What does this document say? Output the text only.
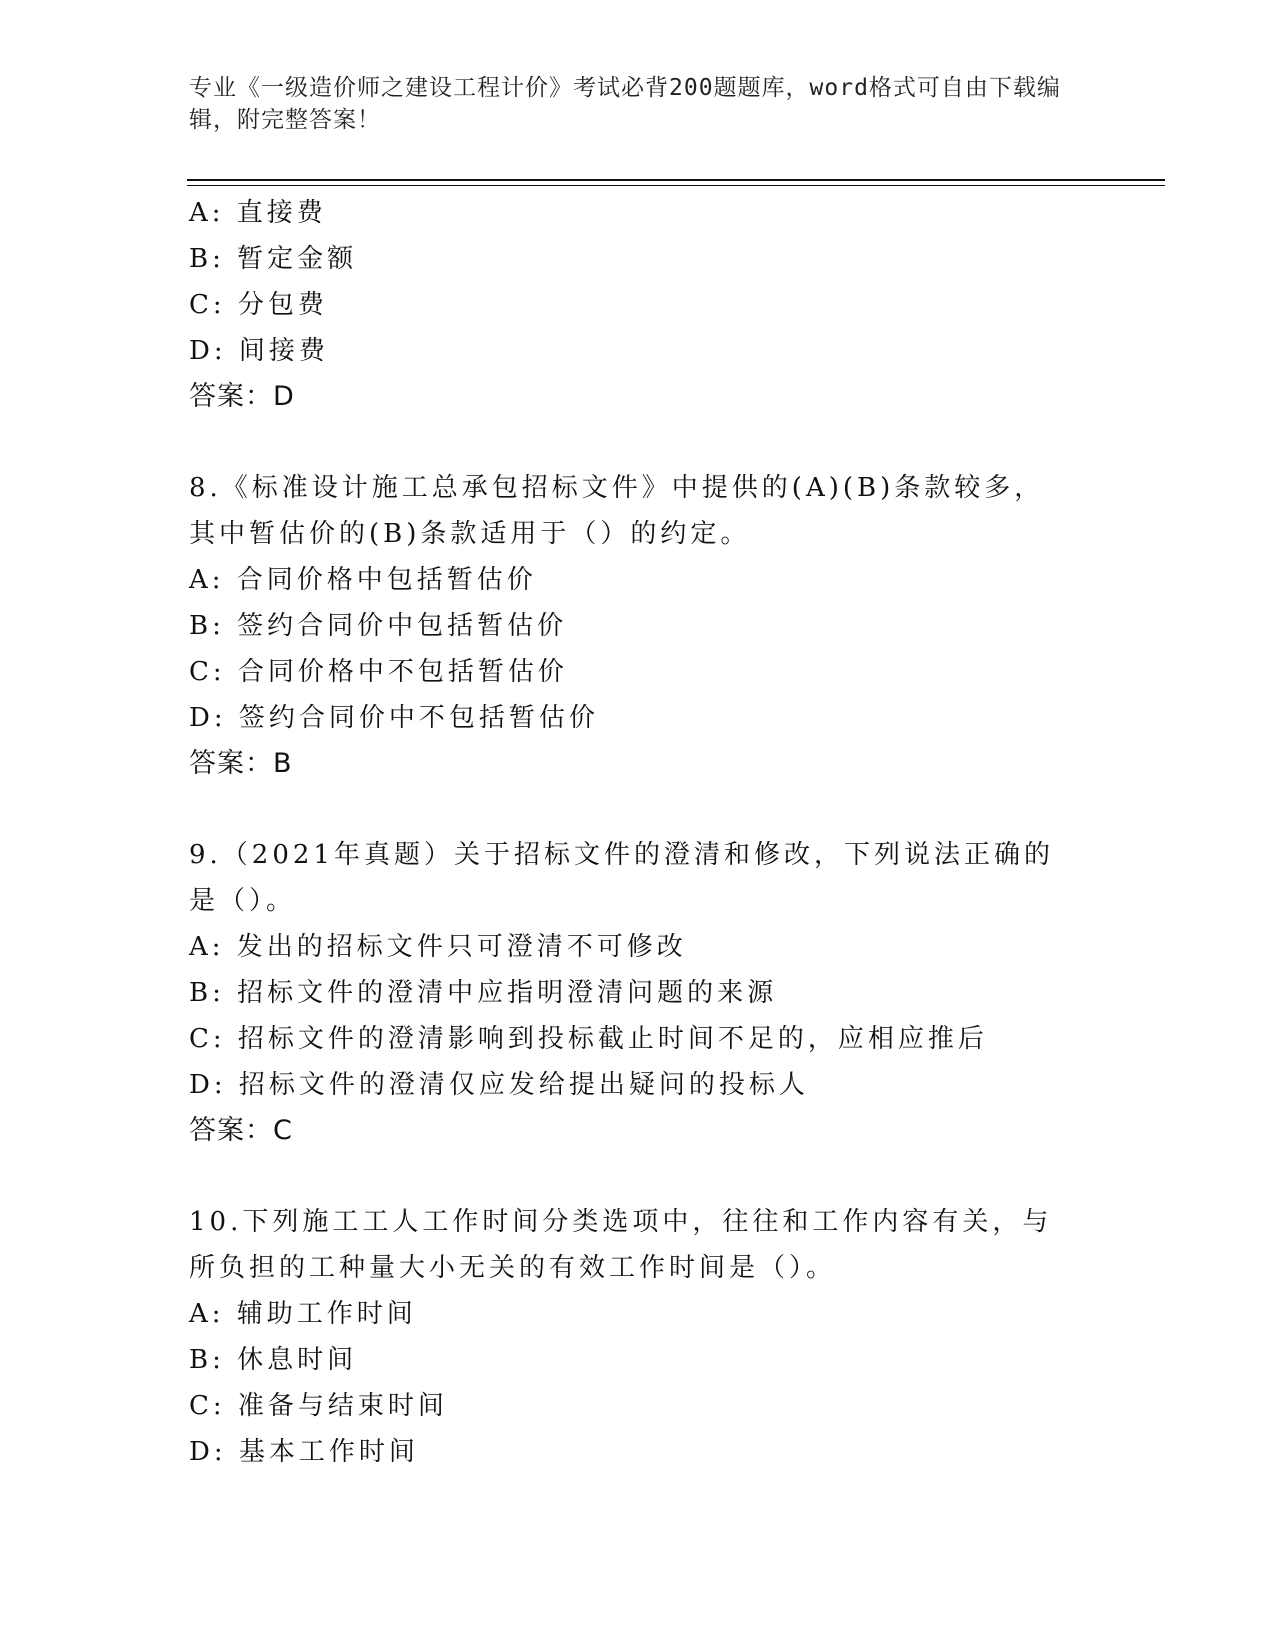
专业《一级造价师之建设工程计价》考试必背200题题库，word格式可自由下载编辑，附完整答案！
A: 直接费
B: 暂定金额
C: 分包费
D: 间接费
答案：D
8.《标准设计施工总承包招标文件》中提供的(A)(B)条款较多，其中暂估价的(B)条款适用于（）的约定。
A: 合同价格中包括暂估价
B: 签约合同价中包括暂估价
C: 合同价格中不包括暂估价
D: 签约合同价中不包括暂估价
答案：B
9.（2021年真题）关于招标文件的澄清和修改，下列说法正确的是（）。
A: 发出的招标文件只可澄清不可修改
B: 招标文件的澄清中应指明澄清问题的来源
C: 招标文件的澄清影响到投标截止时间不足的，应相应推后
D: 招标文件的澄清仅应发给提出疑问的投标人
答案：C
10.下列施工工人工作时间分类选项中，往往和工作内容有关，与所负担的工种量大小无关的有效工作时间是（）。
A: 辅助工作时间
B: 休息时间
C: 准备与结束时间
D: 基本工作时间
